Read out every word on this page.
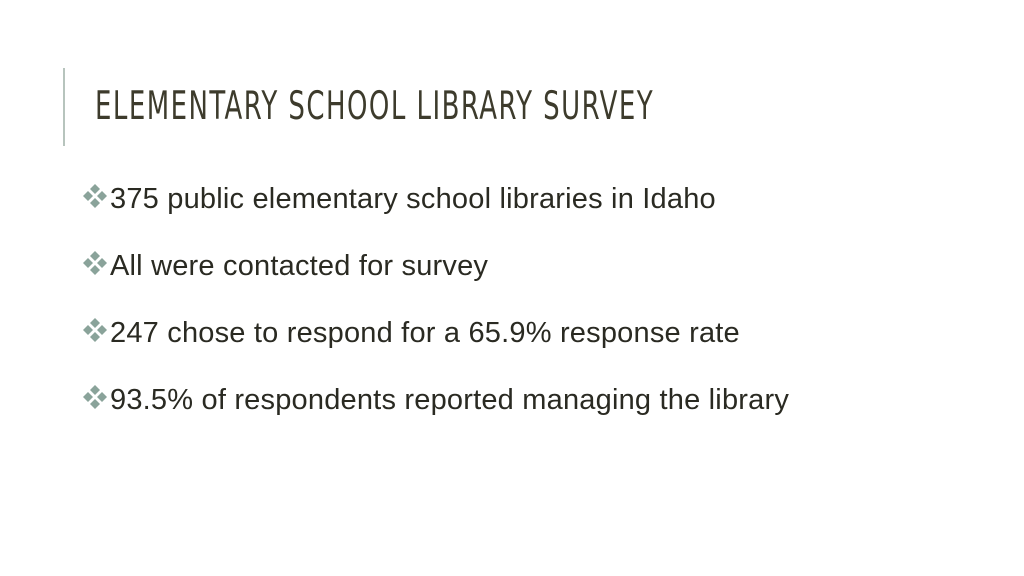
ELEMENTARY SCHOOL LIBRARY SURVEY
375 public elementary school libraries in Idaho
All were contacted for survey
247 chose to respond for a 65.9% response rate
93.5% of respondents reported managing the library
